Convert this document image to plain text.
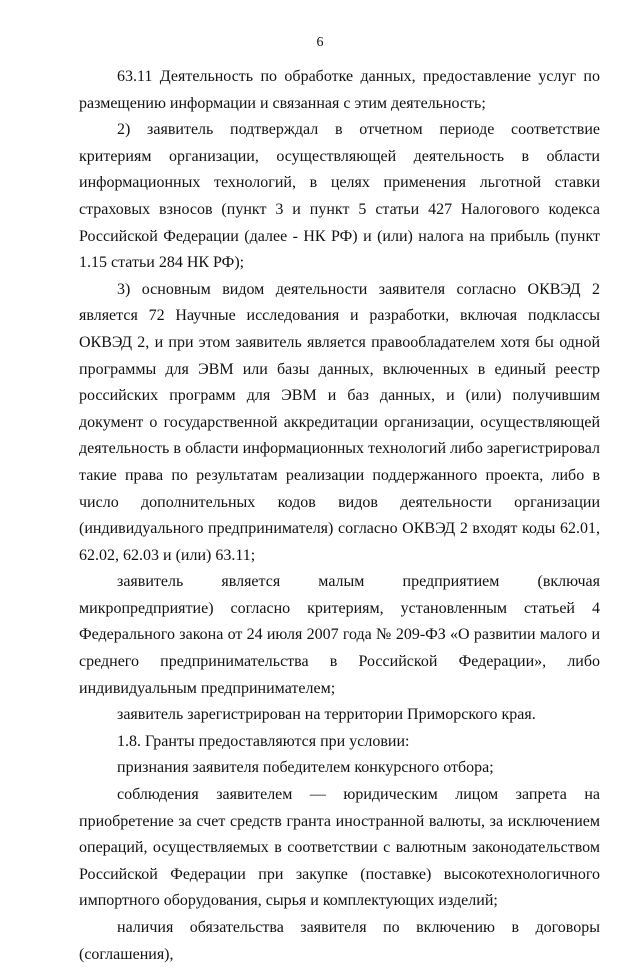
6

63.11 Деятельность по обработке данных, предоставление услуг по размещению информации и связанная с этим деятельность;

2) заявитель подтверждал в отчетном периоде соответствие критериям организации, осуществляющей деятельность в области информационных технологий, в целях применения льготной ставки страховых взносов (пункт 3 и пункт 5 статьи 427 Налогового кодекса Российской Федерации (далее - НК РФ) и (или) налога на прибыль (пункт 1.15 статьи 284 НК РФ);

3) основным видом деятельности заявителя согласно ОКВЭД 2 является 72 Научные исследования и разработки, включая подклассы ОКВЭД 2, и при этом заявитель является правообладателем хотя бы одной программы для ЭВМ или базы данных, включенных в единый реестр российских программ для ЭВМ и баз данных, и (или) получившим документ о государственной аккредитации организации, осуществляющей деятельность в области информационных технологий либо зарегистрировал такие права по результатам реализации поддержанного проекта, либо в число дополнительных кодов видов деятельности организации (индивидуального предпринимателя) согласно ОКВЭД 2 входят коды 62.01, 62.02, 62.03 и (или) 63.11;

заявитель является малым предприятием (включая микропредприятие) согласно критериям, установленным статьей 4 Федерального закона от 24 июля 2007 года № 209-ФЗ «О развитии малого и среднего предпринимательства в Российской Федерации», либо индивидуальным предпринимателем;

заявитель зарегистрирован на территории Приморского края.

1.8. Гранты предоставляются при условии:

признания заявителя победителем конкурсного отбора;

соблюдения заявителем — юридическим лицом запрета на приобретение за счет средств гранта иностранной валюты, за исключением операций, осуществляемых в соответствии с валютным законодательством Российской Федерации при закупке (поставке) высокотехнологичного импортного оборудования, сырья и комплектующих изделий;

наличия обязательства заявителя по включению в договоры (соглашения),
